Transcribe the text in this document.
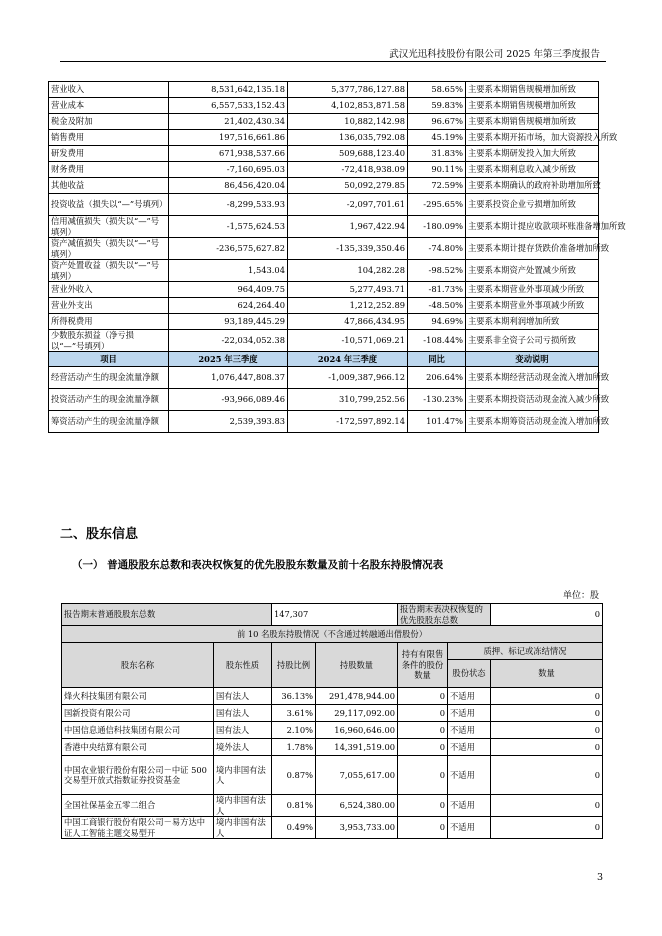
武汉光迅科技股份有限公司 2025 年第三季度报告
营业收入	8,531,642,135.18	5,377,786,127.88	58.65%	主要系本期销售规模增加所致
营业成本	6,557,533,152.43	4,102,853,871.58	59.83%	主要系本期销售规模增加所致
税金及附加	21,402,430.34	10,882,142.98	96.67%	主要系本期销售规模增加所致
销售费用	197,516,661.86	136,035,792.08	45.19%	主要系本期开拓市场，加大资源投入所致
研发费用	671,938,537.66	509,688,123.40	31.83%	主要系本期研发投入加大所致
财务费用	-7,160,695.03	-72,418,938.09	90.11%	主要系本期利息收入减少所致
其他收益	86,456,420.04	50,092,279.85	72.59%	主要系本期确认的政府补助增加所致
投资收益（损失以“—”号填列）	-8,299,533.93	-2,097,701.61	-295.65%	主要系投资企业亏损增加所致
信用减值损失（损失以“—”号填列）	-1,575,624.53	1,967,422.94	-180.09%	主要系本期计提应收款项坏账准备增加所致
资产减值损失（损失以“—”号填列）	-236,575,627.82	-135,339,350.46	-74.80%	主要系本期计提存货跌价准备增加所致
资产处置收益（损失以“—”号填列）	1,543.04	104,282.28	-98.52%	主要系本期资产处置减少所致
营业外收入	964,409.75	5,277,493.71	-81.73%	主要系本期营业外事项减少所致
营业外支出	624,264.40	1,212,252.89	-48.50%	主要系本期营业外事项减少所致
所得税费用	93,189,445.29	47,866,434.95	94.69%	主要系本期利润增加所致
少数股东损益（净亏损以“—”号填列）	-22,034,052.38	-10,571,069.21	-108.44%	主要系非全资子公司亏损所致
项目	2025 年三季度	2024 年三季度	同比	变动说明
经营活动产生的现金流量净额	1,076,447,808.37	-1,009,387,966.12	206.64%	主要系本期经营活动现金流入增加所致
投资活动产生的现金流量净额	-93,966,089.46	310,799,252.56	-130.23%	主要系本期投资活动现金流入减少所致
筹资活动产生的现金流量净额	2,539,393.83	-172,597,892.14	101.47%	主要系本期筹资活动现金流入增加所致
二、股东信息
（一） 普通股股东总数和表决权恢复的优先股股东数量及前十名股东持股情况表
单位：股
报告期末普通股股东总数		147,307		报告期末表决权恢复的优先股股东总数		0
前 10 名股东持股情况（不含通过转融通出借股份）						
股东名称	股东性质	持股比例	持股数量	持有有限售条件的股份数量	质押、标记或冻结情况	
					股份状态	数量
烽火科技集团有限公司	国有法人	36.13%	291,478,944.00	0	不适用	0
国新投资有限公司	国有法人	3.61%	29,117,092.00	0	不适用	0
中国信息通信科技集团有限公司	国有法人	2.10%	16,960,646.00	0	不适用	0
香港中央结算有限公司	境外法人	1.78%	14,391,519.00	0	不适用	0
中国农业银行股份有限公司－中证 500 交易型开放式指数证券投资基金	境内非国有法人	0.87%	7,055,617.00	0	不适用	0
全国社保基金五零二组合	境内非国有法人	0.81%	6,524,380.00	0	不适用	0
中国工商银行股份有限公司－易方达中证人工智能主题交易型开	境内非国有法人	0.49%	3,953,733.00	0	不适用	0
3
